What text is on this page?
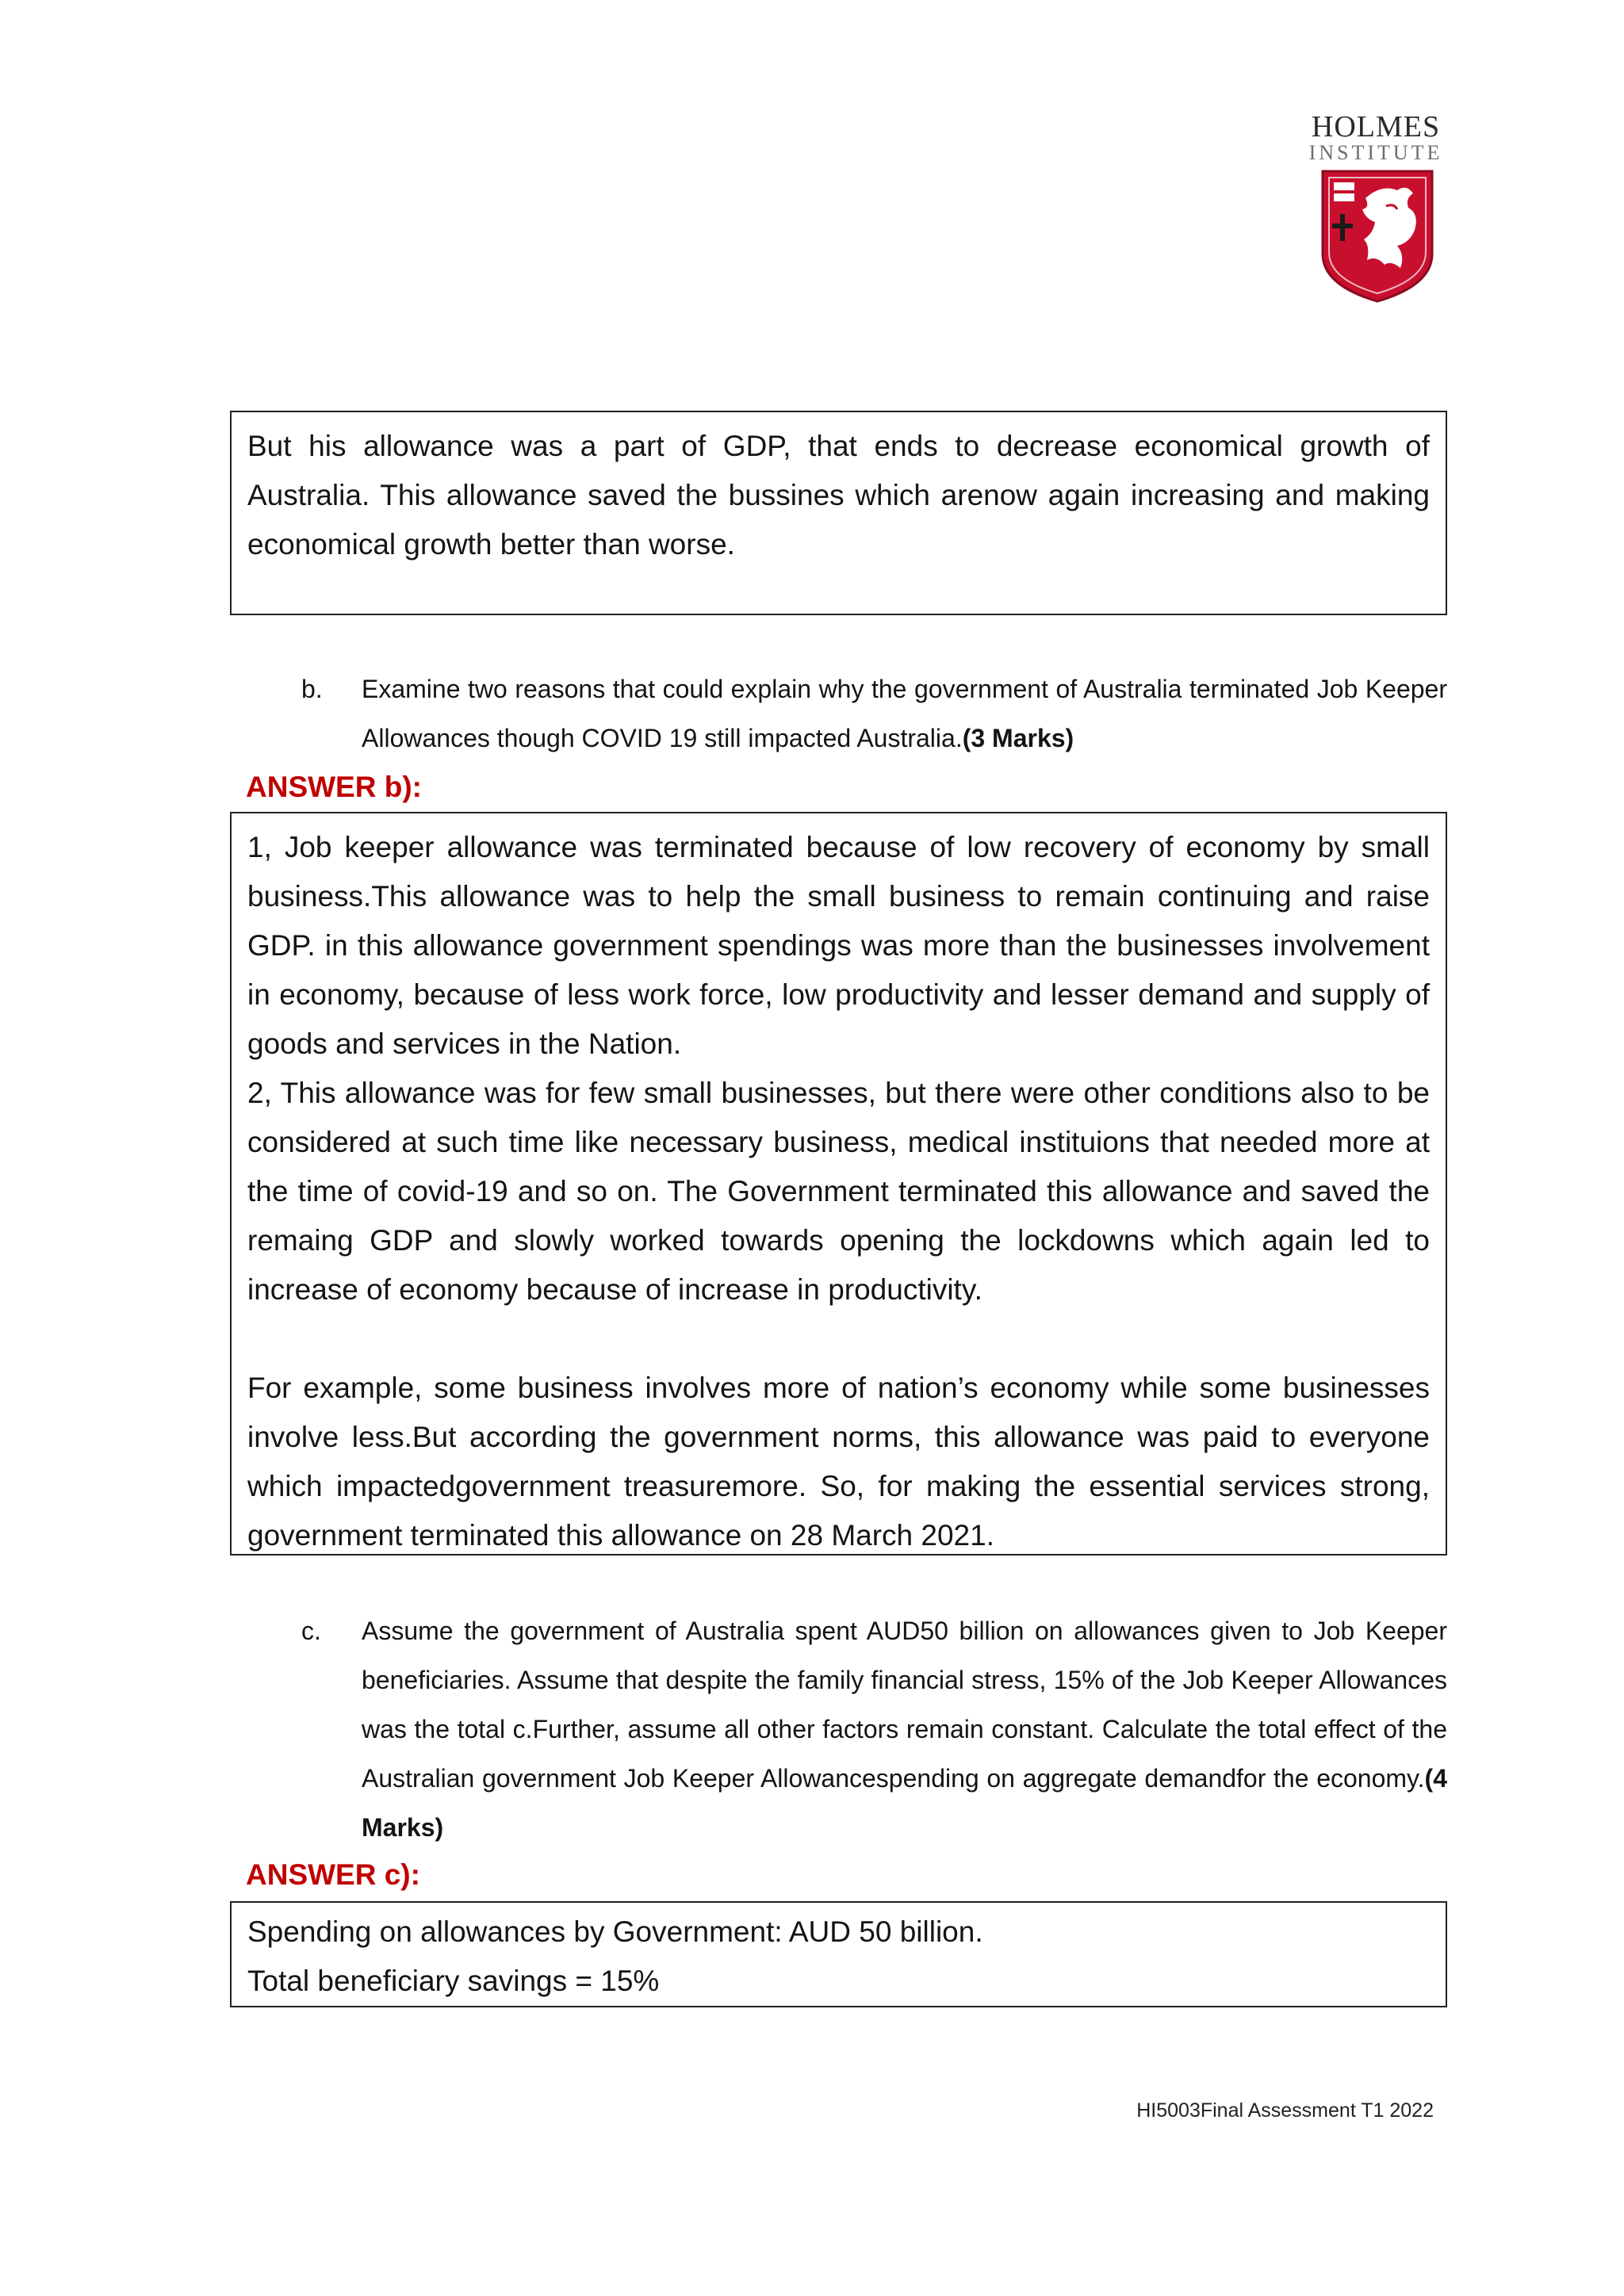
HOLMES
INSTITUTE

But his allowance was a part of GDP, that ends to decrease economical growth of Australia. This allowance saved the bussines which arenow again increasing and making economical growth better than worse.

b. Examine two reasons that could explain why the government of Australia terminated Job Keeper Allowances though COVID 19 still impacted Australia.(3 Marks)
ANSWER b):

1, Job keeper allowance was terminated because of low recovery of economy by small business.This allowance was to help the small business to remain continuing and raise GDP. in this allowance government spendings was more than the businesses involvement in economy, because of less work force, low productivity and lesser demand and supply of goods and services in the Nation.

2, This allowance was for few small businesses, but there were other conditions also to be considered at such time like necessary business, medical instituions that needed more at the time of covid-19 and so on. The Government terminated this allowance and saved the remaing GDP and slowly worked towards opening the lockdowns which again led to increase of economy because of increase in productivity.

For example, some business involves more of nation’s economy while some businesses involve less.But according the government norms, this allowance was paid to everyone which impactedgovernment treasuremore. So, for making the essential services strong, government terminated this allowance on 28 March 2021.

c. Assume the government of Australia spent AUD50 billion on allowances given to Job Keeper beneficiaries. Assume that despite the family financial stress, 15% of the Job Keeper Allowances was the total c.Further, assume all other factors remain constant. Calculate the total effect of the Australian government Job Keeper Allowancespending on aggregate demandfor the economy.(4 Marks)
ANSWER c):

Spending on allowances by Government: AUD 50 billion.

Total beneficiary savings = 15%

HI5003Final Assessment T1 2022
